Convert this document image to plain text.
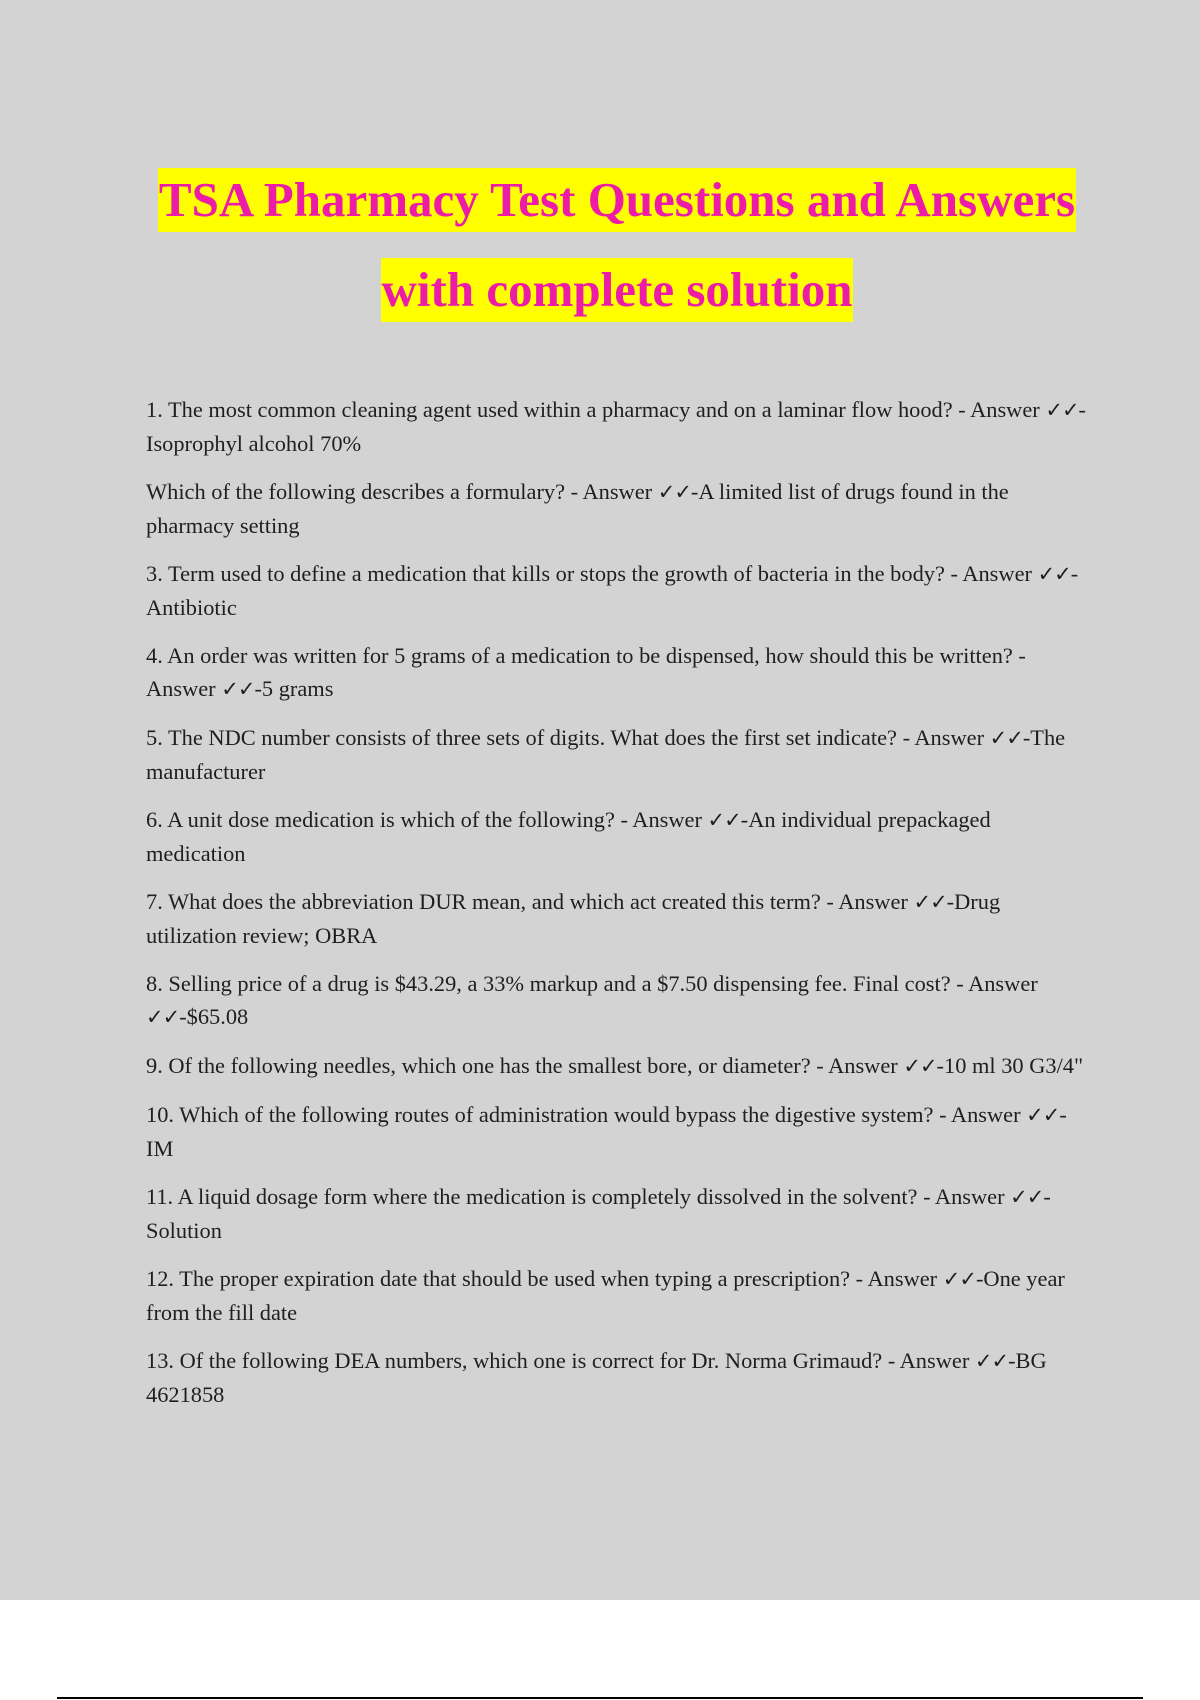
TSA Pharmacy Test Questions and Answers
with complete solution
1. The most common cleaning agent used within a pharmacy and on a laminar flow hood? - Answer ✓✓-Isoprophyl alcohol 70%
Which of the following describes a formulary? - Answer ✓✓-A limited list of drugs found in the pharmacy setting
3. Term used to define a medication that kills or stops the growth of bacteria in the body? - Answer ✓✓-Antibiotic
4. An order was written for 5 grams of a medication to be dispensed, how should this be written? - Answer ✓✓-5 grams
5. The NDC number consists of three sets of digits. What does the first set indicate? - Answer ✓✓-The manufacturer
6. A unit dose medication is which of the following? - Answer ✓✓-An individual prepackaged medication
7. What does the abbreviation DUR mean, and which act created this term? - Answer ✓✓-Drug utilization review; OBRA
8. Selling price of a drug is $43.29, a 33% markup and a $7.50 dispensing fee. Final cost? - Answer ✓✓-$65.08
9. Of the following needles, which one has the smallest bore, or diameter? - Answer ✓✓-10 ml 30 G3/4"
10. Which of the following routes of administration would bypass the digestive system? - Answer ✓✓-IM
11. A liquid dosage form where the medication is completely dissolved in the solvent? - Answer ✓✓-Solution
12. The proper expiration date that should be used when typing a prescription? - Answer ✓✓-One year from the fill date
13. Of the following DEA numbers, which one is correct for Dr. Norma Grimaud? - Answer ✓✓-BG 4621858
